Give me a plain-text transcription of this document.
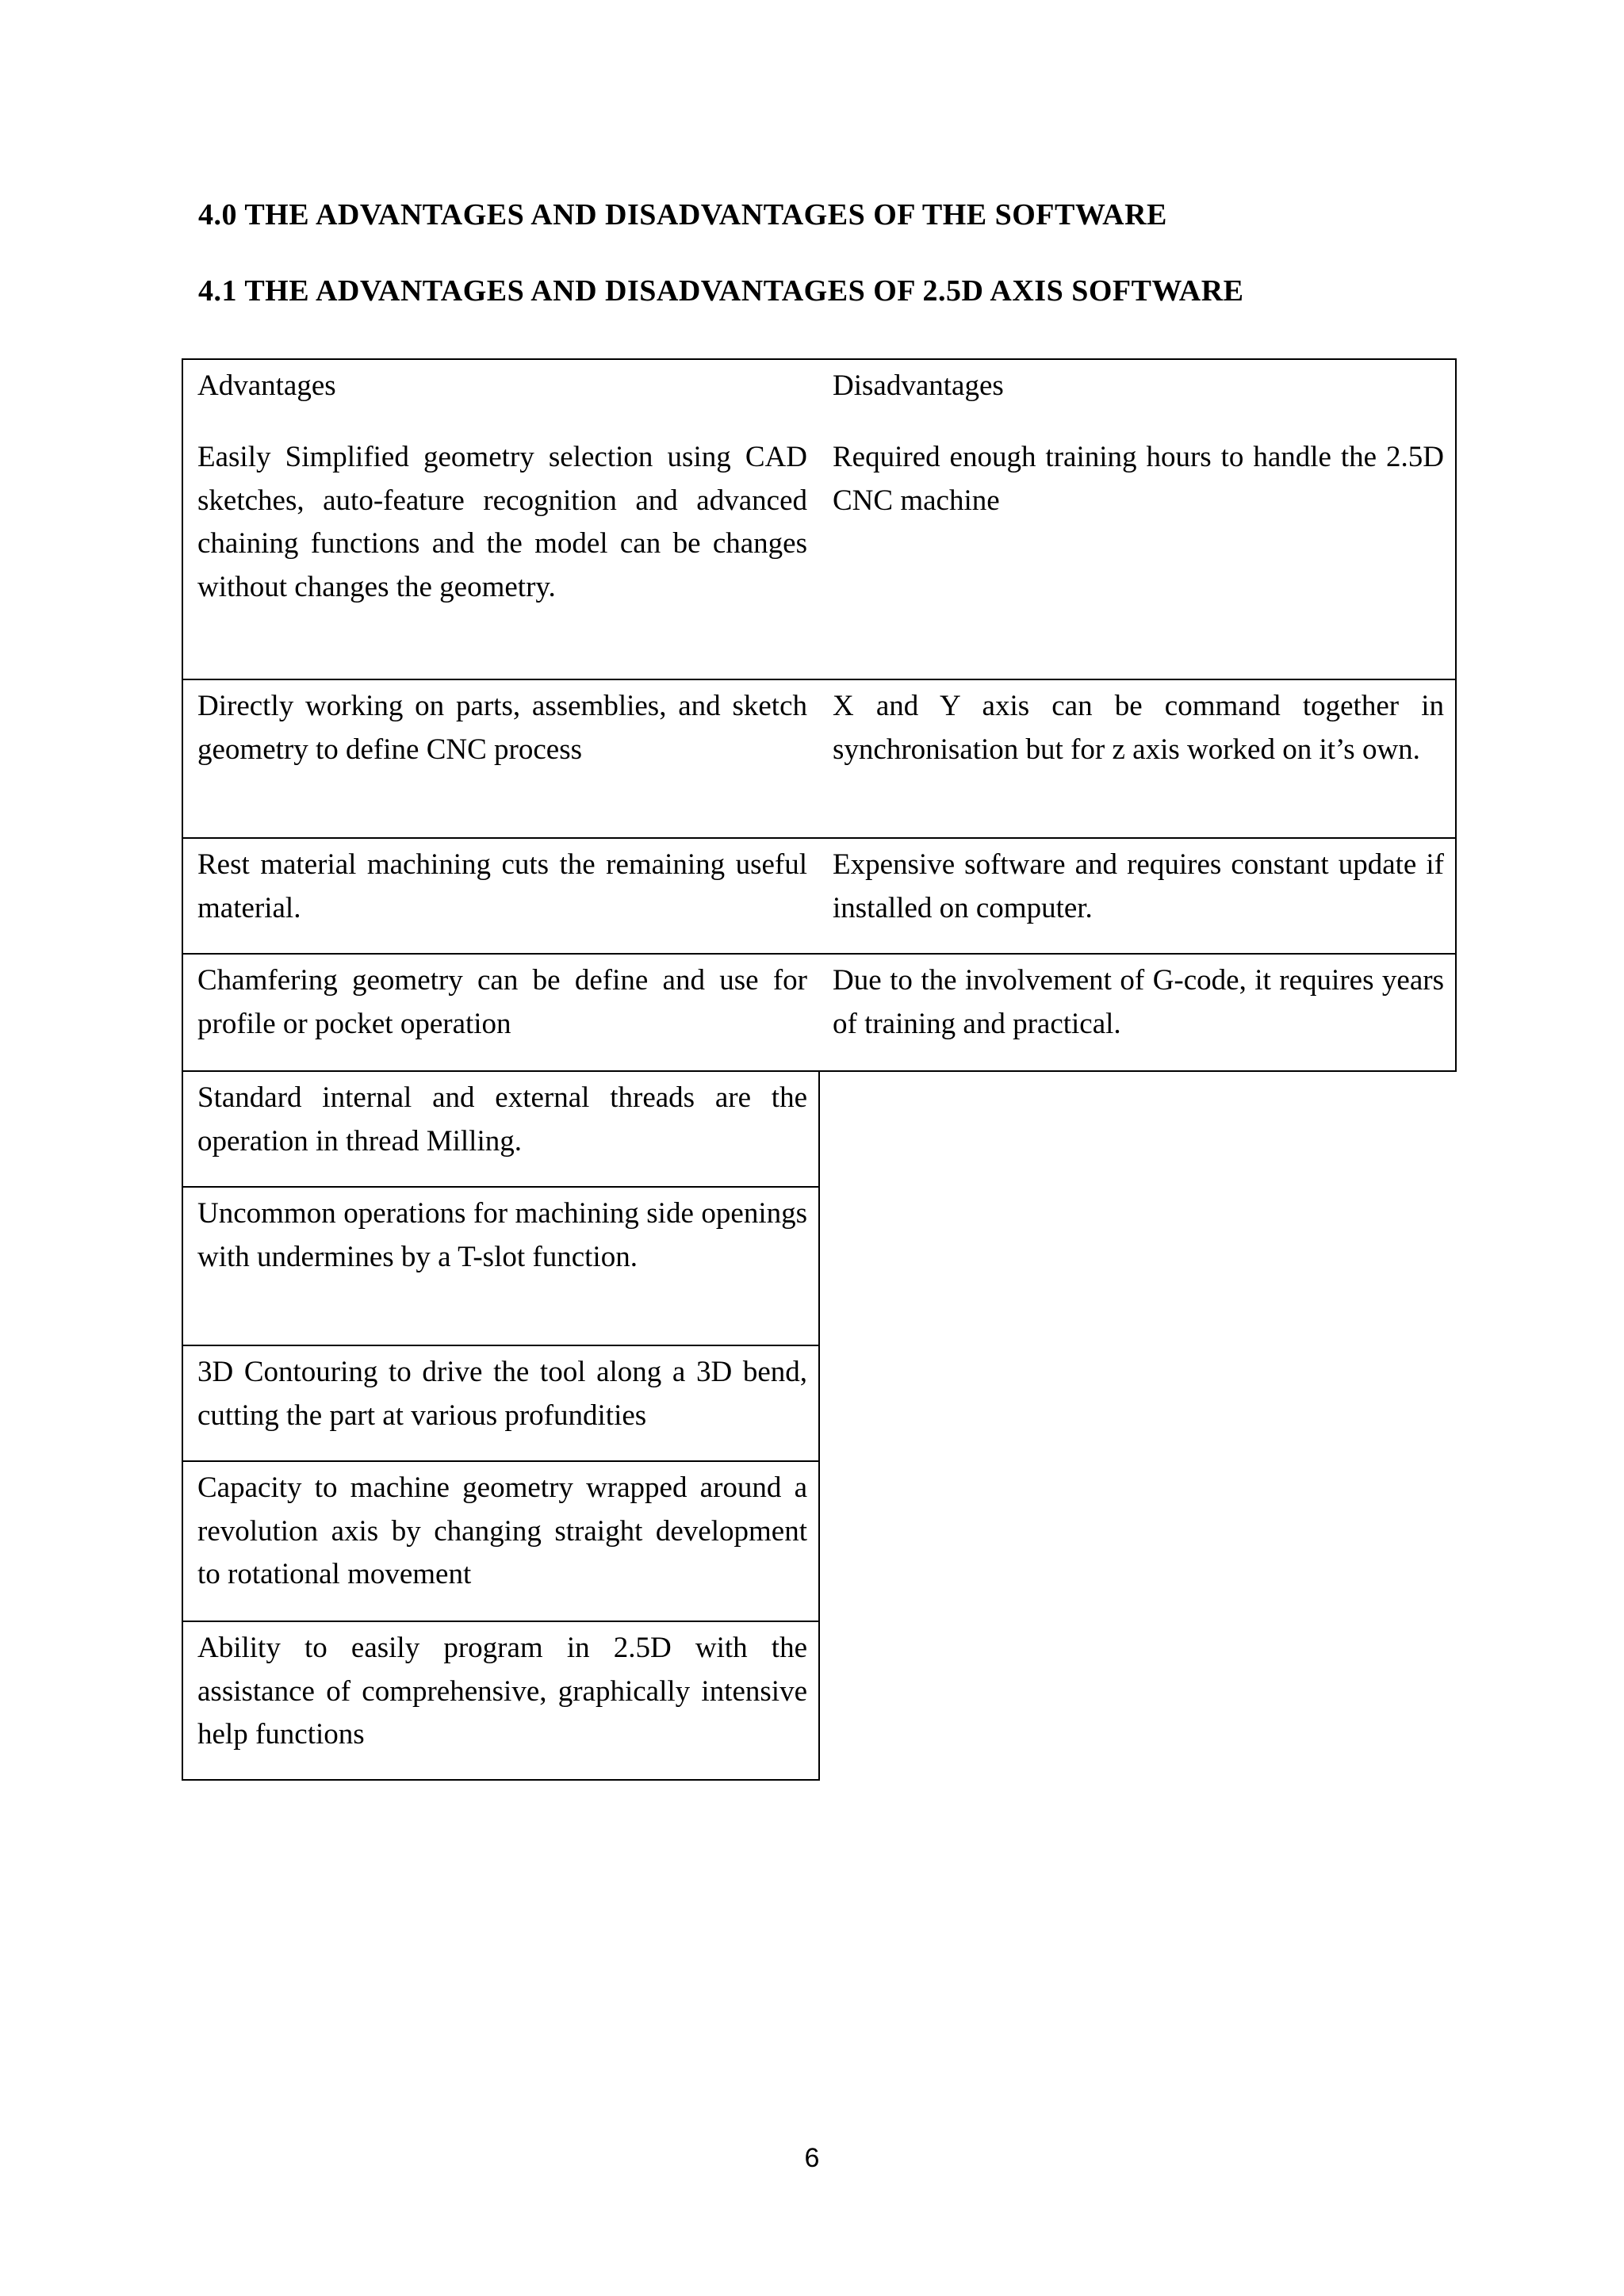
4.0 THE ADVANTAGES AND DISADVANTAGES OF THE SOFTWARE
4.1 THE ADVANTAGES AND DISADVANTAGES OF 2.5D AXIS SOFTWARE
Advantages	Disadvantages
Easily Simplified geometry selection using CAD sketches, auto-feature recognition and advanced chaining functions and the model can be changes without changes the geometry.
Required enough training hours to handle the 2.5D CNC machine
Directly working on parts, assemblies, and sketch geometry to define CNC process
X and Y axis can be command together in synchronisation but for z axis worked on it’s own.
Rest material machining cuts the remaining useful material.
Expensive software and requires constant update if installed on computer.
Chamfering geometry can be define and use for profile or pocket operation
Due to the involvement of G-code, it requires years of training and practical.
Standard internal and external threads are the operation in thread Milling.
Uncommon operations for machining side openings with undermines by a T-slot function.
3D Contouring to drive the tool along a 3D bend, cutting the part at various profundities
Capacity to machine geometry wrapped around a revolution axis by changing straight development to rotational movement
Ability to easily program in 2.5D with the assistance of comprehensive, graphically intensive help functions
6
